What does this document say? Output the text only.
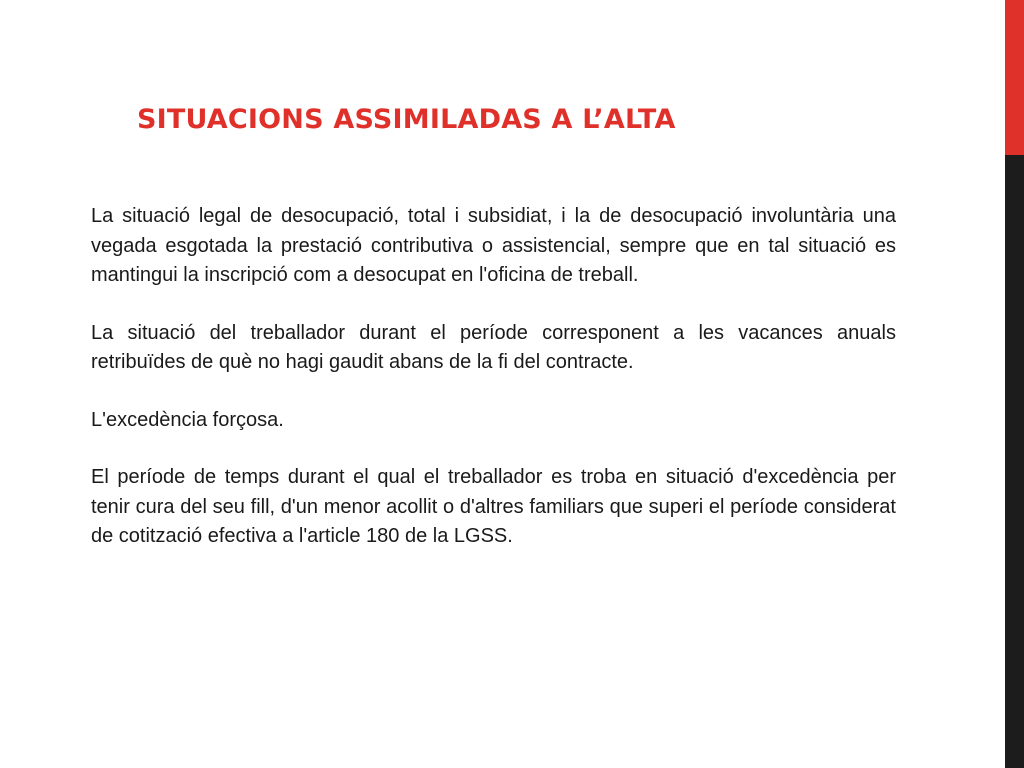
SITUACIONS ASSIMILADAS A L’ALTA

La situació legal de desocupació, total i subsidiat, i la de desocupació involuntària una vegada esgotada la prestació contributiva o assistencial, sempre que en tal situació es mantingui la inscripció com a desocupat en l'oficina de treball.

La situació del treballador durant el període corresponent a les vacances anuals retribuïdes de què no hagi gaudit abans de la fi del contracte.

L'excedència forçosa.

El període de temps durant el qual el treballador es troba en situació d'excedència per tenir cura del seu fill, d'un menor acollit o d'altres familiars que superi el període considerat de cotització efectiva a l'article 180 de la LGSS.
